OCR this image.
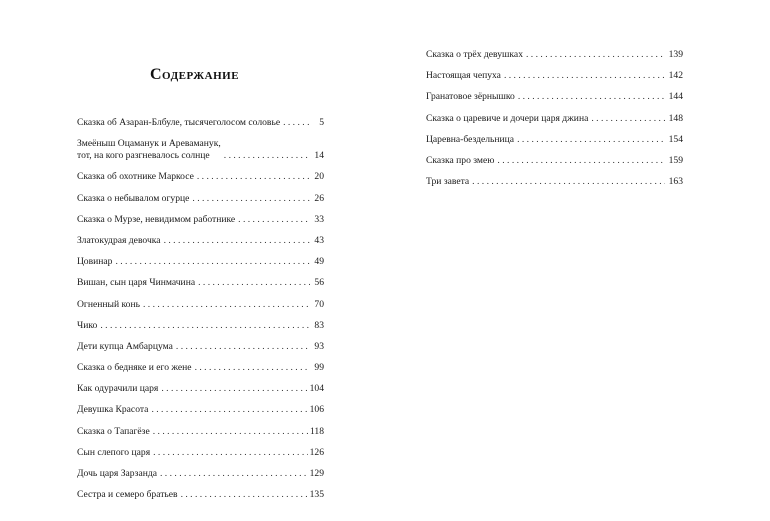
Содержание
Сказка об Азаран-Блбуле, тысячеголосом соловье . . .	5
Змеёныш Оцаманук и Арeваманук,
тот, на кого разгневалось солнце . . .	14
Сказка об охотнике Маркосе . . .	20
Сказка о небывалом огурце . . .	26
Сказка о Мурзе, невидимом работнике . . .	33
Златокудрая девочка . . .	43
Цовинар . . .	49
Вишан, сын царя Чинмачина . . .	56
Огненный конь . . .	70
Чико . . .	83
Дети купца Амбарцума . . .	93
Сказка о бедняке и его жене . . .	99
Как одурачили царя . . .	104
Девушка Красота . . .	106
Сказка о Тапагёзе . . .	118
Сын слепого царя . . .	126
Дочь царя Зарзанда . . .	129
Сестра и семеро братьев . . .	135
Сказка о трёх девушках . . .	139
Настоящая чепуха . . .	142
Гранатовое зёрнышко . . .	144
Сказка о царевиче и дочери царя джина . . .	148
Царевна-бездельница . . .	154
Сказка про змею . . .	159
Три завета . . .	163
